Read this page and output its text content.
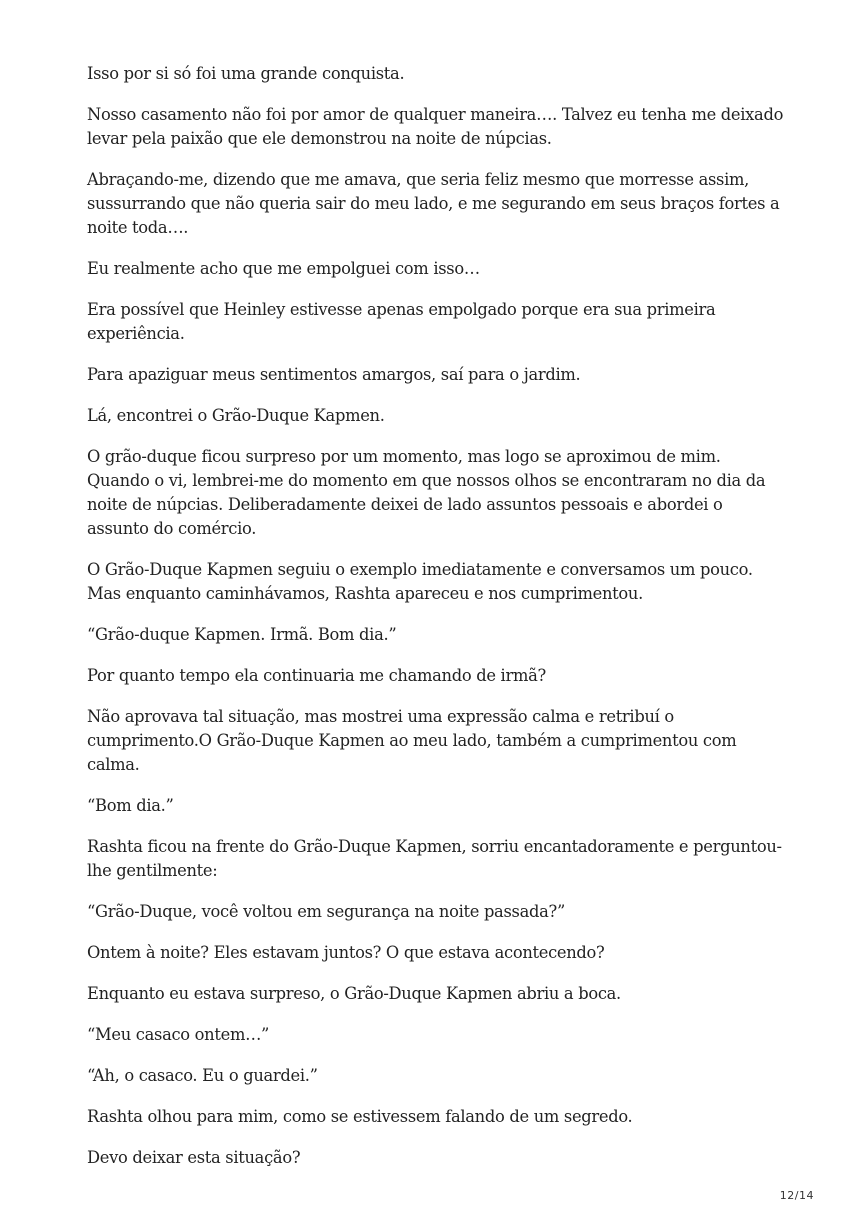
Isso por si só foi uma grande conquista.

Nosso casamento não foi por amor de qualquer maneira…. Talvez eu tenha me deixado levar pela paixão que ele demonstrou na noite de núpcias.

Abraçando-me, dizendo que me amava, que seria feliz mesmo que morresse assim, sussurrando que não queria sair do meu lado, e me segurando em seus braços fortes a noite toda….

Eu realmente acho que me empolguei com isso…

Era possível que Heinley estivesse apenas empolgado porque era sua primeira experiência.

Para apaziguar meus sentimentos amargos, saí para o jardim.

Lá, encontrei o Grão-Duque Kapmen.

O grão-duque ficou surpreso por um momento, mas logo se aproximou de mim. Quando o vi, lembrei-me do momento em que nossos olhos se encontraram no dia da noite de núpcias. Deliberadamente deixei de lado assuntos pessoais e abordei o assunto do comércio.

O Grão-Duque Kapmen seguiu o exemplo imediatamente e conversamos um pouco. Mas enquanto caminhávamos, Rashta apareceu e nos cumprimentou.

“Grão-duque Kapmen. Irmã. Bom dia.”

Por quanto tempo ela continuaria me chamando de irmã?

Não aprovava tal situação, mas mostrei uma expressão calma e retribuí o cumprimento.O Grão-Duque Kapmen ao meu lado, também a cumprimentou com calma.

“Bom dia.”

Rashta ficou na frente do Grão-Duque Kapmen, sorriu encantadoramente e perguntou-lhe gentilmente:

“Grão-Duque, você voltou em segurança na noite passada?”

Ontem à noite? Eles estavam juntos? O que estava acontecendo?

Enquanto eu estava surpreso, o Grão-Duque Kapmen abriu a boca.

“Meu casaco ontem…”

“Ah, o casaco. Eu o guardei.”

Rashta olhou para mim, como se estivessem falando de um segredo.

Devo deixar esta situação?

12/14
